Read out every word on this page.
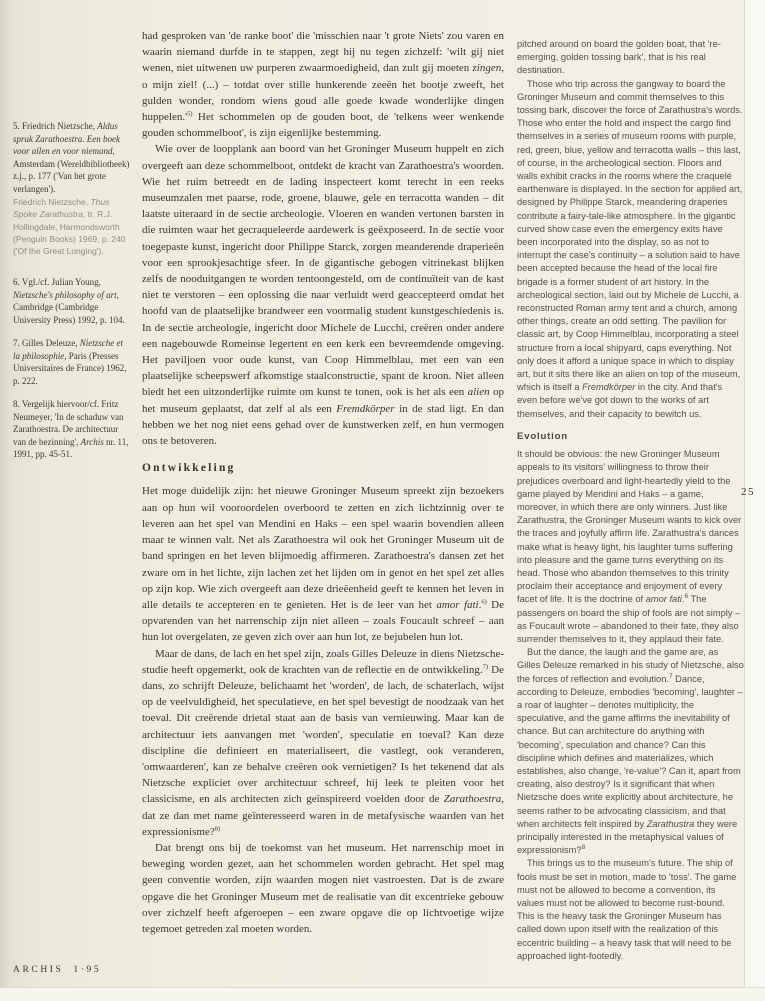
5. Friedrich Nietzsche, Aldus sprak Zarathoestra. Een boek voor allen en voor niemand, Amsterdam (Wereldbibliotheek) z.j., p. 177 ('Van het grote verlangen').
Friedrich Nietzsche, Thus Spoke Zarathustra, tr. R.J. Hollingdale, Harmondsworth (Penguin Books) 1969, p. 240 ('Of the Great Longing').
6. Vgl./cf. Julian Young, Nietzsche's philosophy of art, Cambridge (Cambridge University Press) 1992, p. 104.
7. Gilles Deleuze, Nietzsche et la philosophie, Paris (Presses Universitaires de France) 1962, p. 222.
8. Vergelijk hiervoor/cf. Fritz Neumeyer, 'In de schaduw van Zarathoestra. De architectuur van de bezinning', Archis nr. 11, 1991, pp. 45-51.

had gesproken van 'de ranke boot' die 'misschien naar 't grote Niets' zou varen en waarin niemand durfde in te stappen, zegt hij nu tegen zichzelf: 'wilt gij niet wenen, niet uitwenen uw purperen zwaarmoedigheid, dan zult gij moeten zingen, o mijn ziel! (...) – totdat over stille hunkerende zeeën het bootje zweeft, het gulden wonder, rondom wiens goud alle goede kwade wonderlijke dingen $huppelen.'^{5)}$ Het schommelen op de gouden boot, de 'telkens weer wenkende gouden schommelboot', is zijn eigenlijke bestemming.

Wie over de loopplank aan boord van het Groninger Museum huppelt en zich overgeeft aan deze schommelboot, ontdekt de kracht van Zarathoestra's woorden. Wie het ruim betreedt en de lading inspecteert komt terecht in een reeks museumzalen met paarse, rode, groene, blauwe, gele en terracotta wanden – dit laatste uiteraard in de sectie archeologie. Vloeren en wanden vertonen barsten in die ruimten waar het gecraqueleerde aardewerk is geëxposeerd. In de sectie voor toegepaste kunst, ingericht door Philippe Starck, zorgen meanderende draperieën voor een sprookjesachtige sfeer. In de gigantische gebogen vitrinekast blijken zelfs de nooduitgangen te worden tentoongesteld, om de continuïteit van de kast niet te verstoren – een oplossing die naar verluidt werd geaccepteerd omdat het hoofd van de plaatselijke brandweer een voormalig student kunstgeschiedenis is. In de sectie archeologie, ingericht door Michele de Lucchi, creëren onder andere een nagebouwde Romeinse legertent en een kerk een bevreemdende omgeving. Het paviljoen voor oude kunst, van Coop Himmelblau, met een van een plaatselijke scheepswerf afkomstige staalconstructie, spant de kroon. Niet alleen biedt het een uitzonderlijke ruimte om kunst te tonen, ook is het als een alien op het museum geplaatst, dat zelf al als een Fremdkörper in de stad ligt. En dan hebben we het nog niet eens gehad over de kunstwerken zelf, en hun vermogen ons te betoveren.

Ontwikkeling

Het moge duidelijk zijn: het nieuwe Groninger Museum spreekt zijn bezoekers aan op hun wil vooroordelen overboord te zetten en zich lichtzinnig over te leveren aan het spel van Mendini en Haks – een spel waarin bovendien alleen maar te winnen valt. Net als Zarathoestra wil ook het Groninger Museum uit de band springen en het leven blijmoedig affirmeren. Zarathoestra's dansen zet het zware om in het lichte, zijn lachen zet het lijden om in genot en het spel zet alles op zijn kop. Wie zich overgeeft aan deze drieëenheid geeft te kennen het leven in alle details te accepteren en te genieten. Het is de leer van het amor fati.$^{6)}$ De opvarenden van het narrenschip zijn niet alleen – zoals Foucault schreef – aan hun lot overgelaten, ze geven zich over aan hun lot, ze bejubelen hun lot.

Maar de dans, de lach en het spel zijn, zoals Gilles Deleuze in diens Nietzsche-studie heeft opgemerkt, ook de krachten van de reflectie en de ontwikkeling.$^{7)}$ De dans, zo schrijft Deleuze, belichaamt het 'worden', de lach, de schaterlach, wijst op de veelvuldigheid, het speculatieve, en het spel bevestigt de noodzaak van het toeval. Dit creërende drietal staat aan de basis van vernieuwing. Maar kan de architectuur iets aanvangen met 'worden', speculatie en toeval? Kan deze discipline die definieert en materialiseert, die vastlegt, ook veranderen, 'omwaarderen', kan ze behalve creëren ook vernietigen? Is het tekenend dat als Nietzsche expliciet over architectuur schreef, hij leek te pleiten voor het classicisme, en als architecten zich geïnspireerd voelden door de Zarathoestra, dat ze dan met name geïnteresseerd waren in de metafysische waarden van het expressionisme?$^{8)}$

Dat brengt ons bij de toekomst van het museum. Het narrenschip moet in beweging worden gezet, aan het schommelen worden gebracht. Het spel mag geen conventie worden, zijn waarden mogen niet vastroesten. Dat is de zware opgave die het Groninger Museum met de realisatie van dit excentrieke gebouw over zichzelf heeft afgeroepen – een zware opgave die op lichtvoetige wijze tegemoet getreden zal moeten worden.

pitched around on board the golden boat, that 're-emerging, golden tossing bark', that is his real destination.

Those who trip across the gangway to board the Groninger Museum and commit themselves to this tossing bark, discover the force of Zarathustra's words. Those who enter the hold and inspect the cargo find themselves in a series of museum rooms with purple, red, green, blue, yellow and terracotta walls – this last, of course, in the archeological section. Floors and walls exhibit cracks in the rooms where the craquelé earthenware is displayed. In the section for applied art, designed by Philippe Starck, meandering draperies contribute a fairy-tale-like atmosphere. In the gigantic curved show case even the emergency exits have been incorporated into the display, so as not to interrupt the case's continuity – a solution said to have been accepted because the head of the local fire brigade is a former student of art history. In the archeological section, laid out by Michele de Lucchi, a reconstructed Roman army tent and a church, among other things, create an odd setting. The pavilion for classic art, by Coop Himmelblau, incorporating a steel structure from a local shipyard, caps everything. Not only does it afford a unique space in which to display art, but it sits there like an alien on top of the museum, which is itself a Fremdkörper in the city. And that's even before we've got down to the works of art themselves, and their capacity to bewitch us.

Evolution

It should be obvious: the new Groninger Museum appeals to its visitors' willingness to throw their prejudices overboard and light-heartedly yield to the game played by Mendini and Haks – a game, moreover, in which there are only winners. Just like Zarathustra, the Groninger Museum wants to kick over the traces and joyfully affirm life. Zarathustra's dances make what is heavy light, his laughter turns suffering into pleasure and the game turns everything on its head. Those who abandon themselves to this trinity proclaim their acceptance and enjoyment of every facet of life. It is the doctrine of amor fati.$^6$ The passengers on board the ship of fools are not simply – as Foucault wrote – abandoned to their fate, they also surrender themselves to it, they applaud their fate.

But the dance, the laugh and the game are, as Gilles Deleuze remarked in his study of Nietzsche, also the forces of reflection and evolution.$^7$ Dance, according to Deleuze, embodies 'becoming', laughter – a roar of laughter – denotes multiplicity, the speculative, and the game affirms the inevitability of chance. But can architecture do anything with 'becoming', speculation and chance? Can this discipline which defines and materializes, which establishes, also change, 're-value'? Can it, apart from creating, also destroy? Is it significant that when Nietzsche does write explicitly about architecture, he seems rather to be advocating classicism, and that when architects felt inspired by Zarathustra they were principally interested in the metaphysical values of expressionism?$^8$

This brings us to the museum's future. The ship of fools must be set in motion, made to 'toss'. The game must not be allowed to become a convention, its values must not be allowed to become rust-bound. This is the heavy task the Groninger Museum has called down upon itself with the realization of this eccentric building – a heavy task that will need to be approached light-footedly.

25
ARCHIS 1·95
